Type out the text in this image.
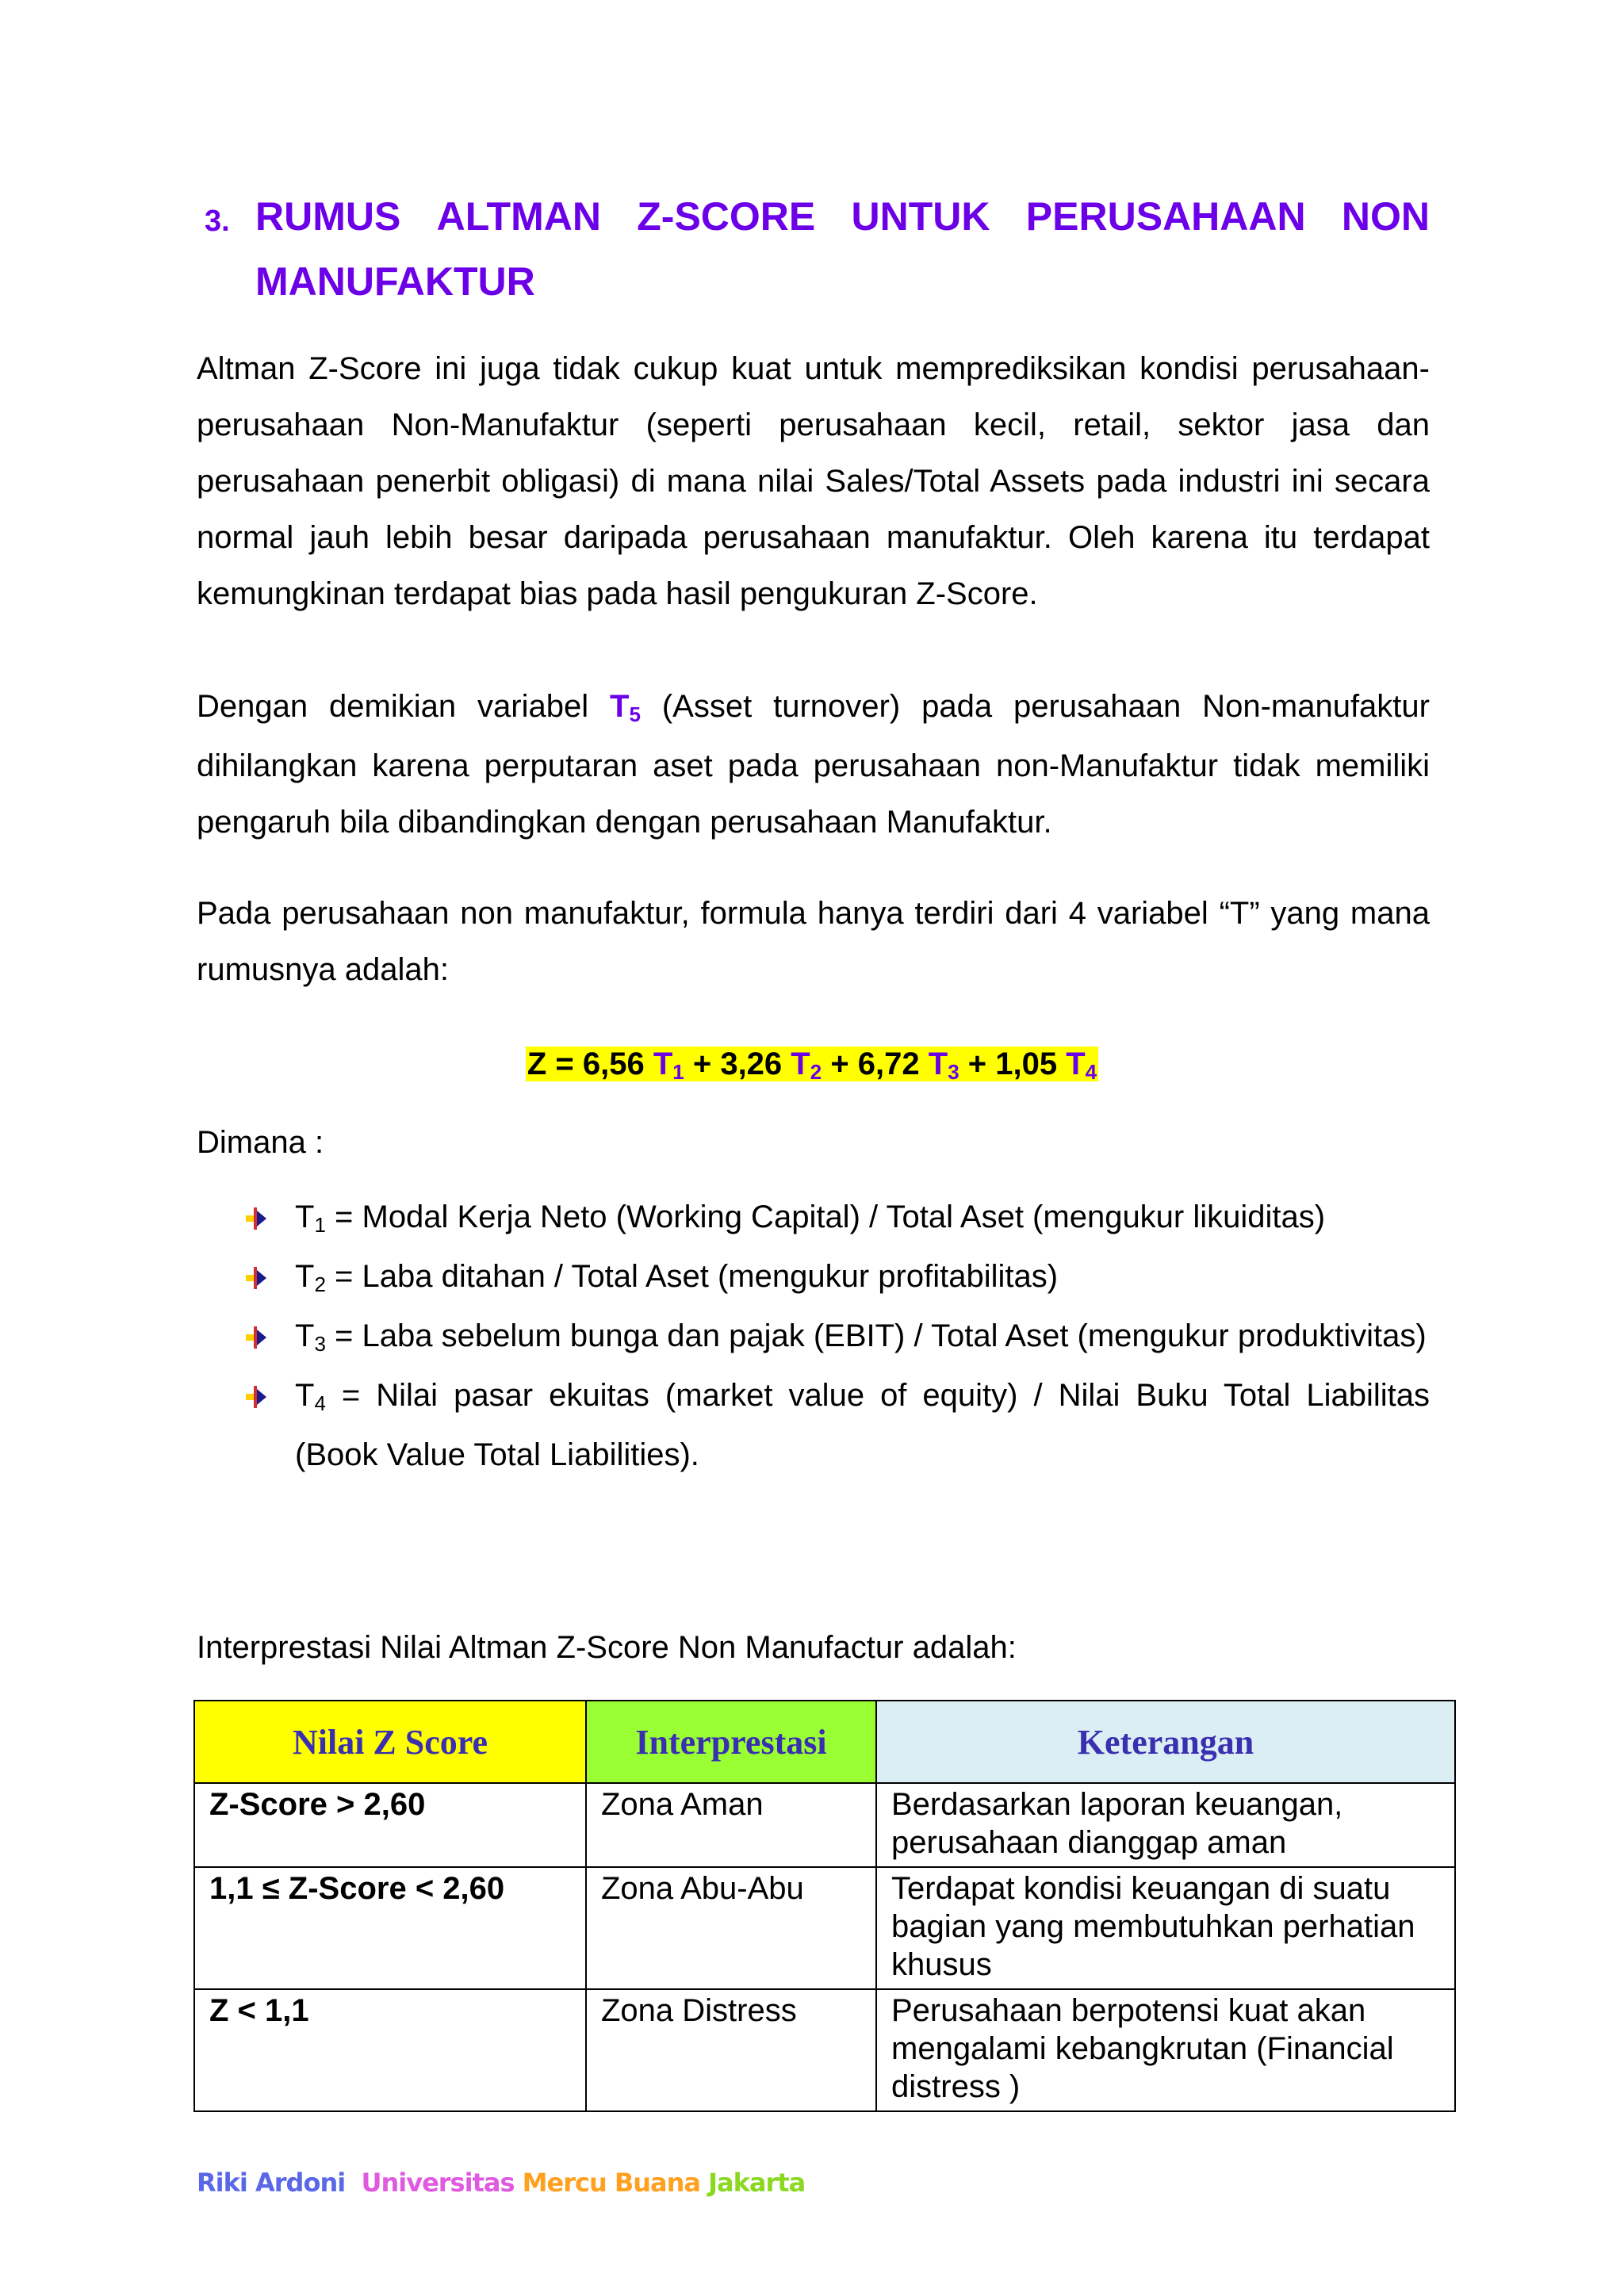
3. RUMUS ALTMAN Z-SCORE UNTUK PERUSAHAAN NON
MANUFAKTUR

Altman Z-Score ini juga tidak cukup kuat untuk memprediksikan kondisi perusahaan-perusahaan Non-Manufaktur (seperti perusahaan kecil, retail, sektor jasa dan perusahaan penerbit obligasi) di mana nilai Sales/Total Assets pada industri ini secara normal jauh lebih besar daripada perusahaan manufaktur. Oleh karena itu terdapat kemungkinan terdapat bias pada hasil pengukuran Z-Score.

Dengan demikian variabel $T_5$ (Asset turnover) pada perusahaan Non-manufaktur dihilangkan karena perputaran aset pada perusahaan non-Manufaktur tidak memiliki pengaruh bila dibandingkan dengan perusahaan Manufaktur.

Pada perusahaan non manufaktur, formula hanya terdiri dari 4 variabel “T” yang mana rumusnya adalah:

Z = 6,56 $T_1 + 3,26$ $T_2 + 6,72$ $T_3 + 1,05$ $T_4$
Dimana :
$T_1$ = Modal Kerja Neto (Working Capital) / Total Aset (mengukur likuiditas)
$T_2$ = Laba ditahan / Total Aset (mengukur profitabilitas)
$T_3$ = Laba sebelum bunga dan pajak (EBIT) / Total Aset (mengukur produktivitas)
$T_4$ = Nilai pasar ekuitas (market value of equity) / Nilai Buku Total Liabilitas (Book Value Total Liabilities).
Interprestasi Nilai Altman Z-Score Non Manufactur adalah:
Nilai Z Score	Interprestasi	Keterangan
Z-Score > 2,60	Zona Aman	Berdasarkan laporan keuangan, perusahaan dianggap aman
1,1 ≤ Z-Score < 2,60	Zona Abu-Abu	Terdapat kondisi keuangan di suatu bagian yang membutuhkan perhatian khusus
Z < 1,1	Zona Distress	Perusahaan berpotensi kuat akan mengalami kebangkrutan (Financial distress )
Riki Ardoni Universitas Mercu Buana Jakarta
